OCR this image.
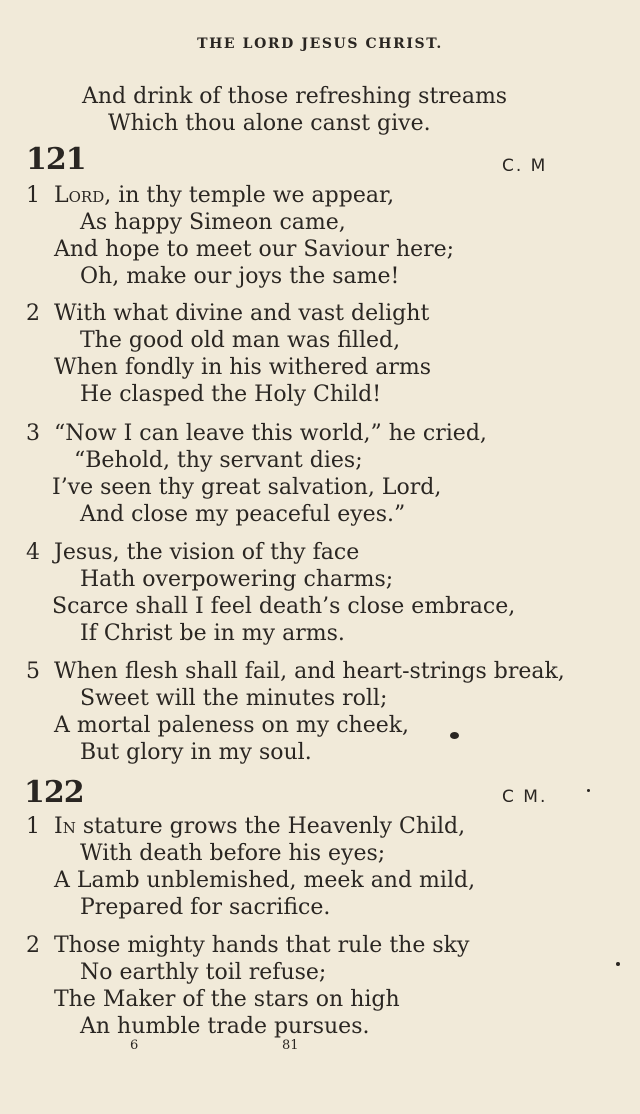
THE LORD JESUS CHRIST.
And drink of those refreshing streams
Which thou alone canst give.
121	C. M
1 Lord, in thy temple we appear,
As happy Simeon came,
And hope to meet our Saviour here;
Oh, make our joys the same!
2 With what divine and vast delight
The good old man was filled,
When fondly in his withered arms
He clasped the Holy Child!
3 “Now I can leave this world,” he cried,
“Behold, thy servant dies;
I’ve seen thy great salvation, Lord,
And close my peaceful eyes.”
4 Jesus, the vision of thy face
Hath overpowering charms;
Scarce shall I feel death’s close embrace,
If Christ be in my arms.
5 When flesh shall fail, and heart-strings break,
Sweet will the minutes roll;
A mortal paleness on my cheek,
But glory in my soul.
122	C M.
1 In stature grows the Heavenly Child,
With death before his eyes;
A Lamb unblemished, meek and mild,
Prepared for sacrifice.
2 Those mighty hands that rule the sky
No earthly toil refuse;
The Maker of the stars on high
An humble trade pursues.
6	81
